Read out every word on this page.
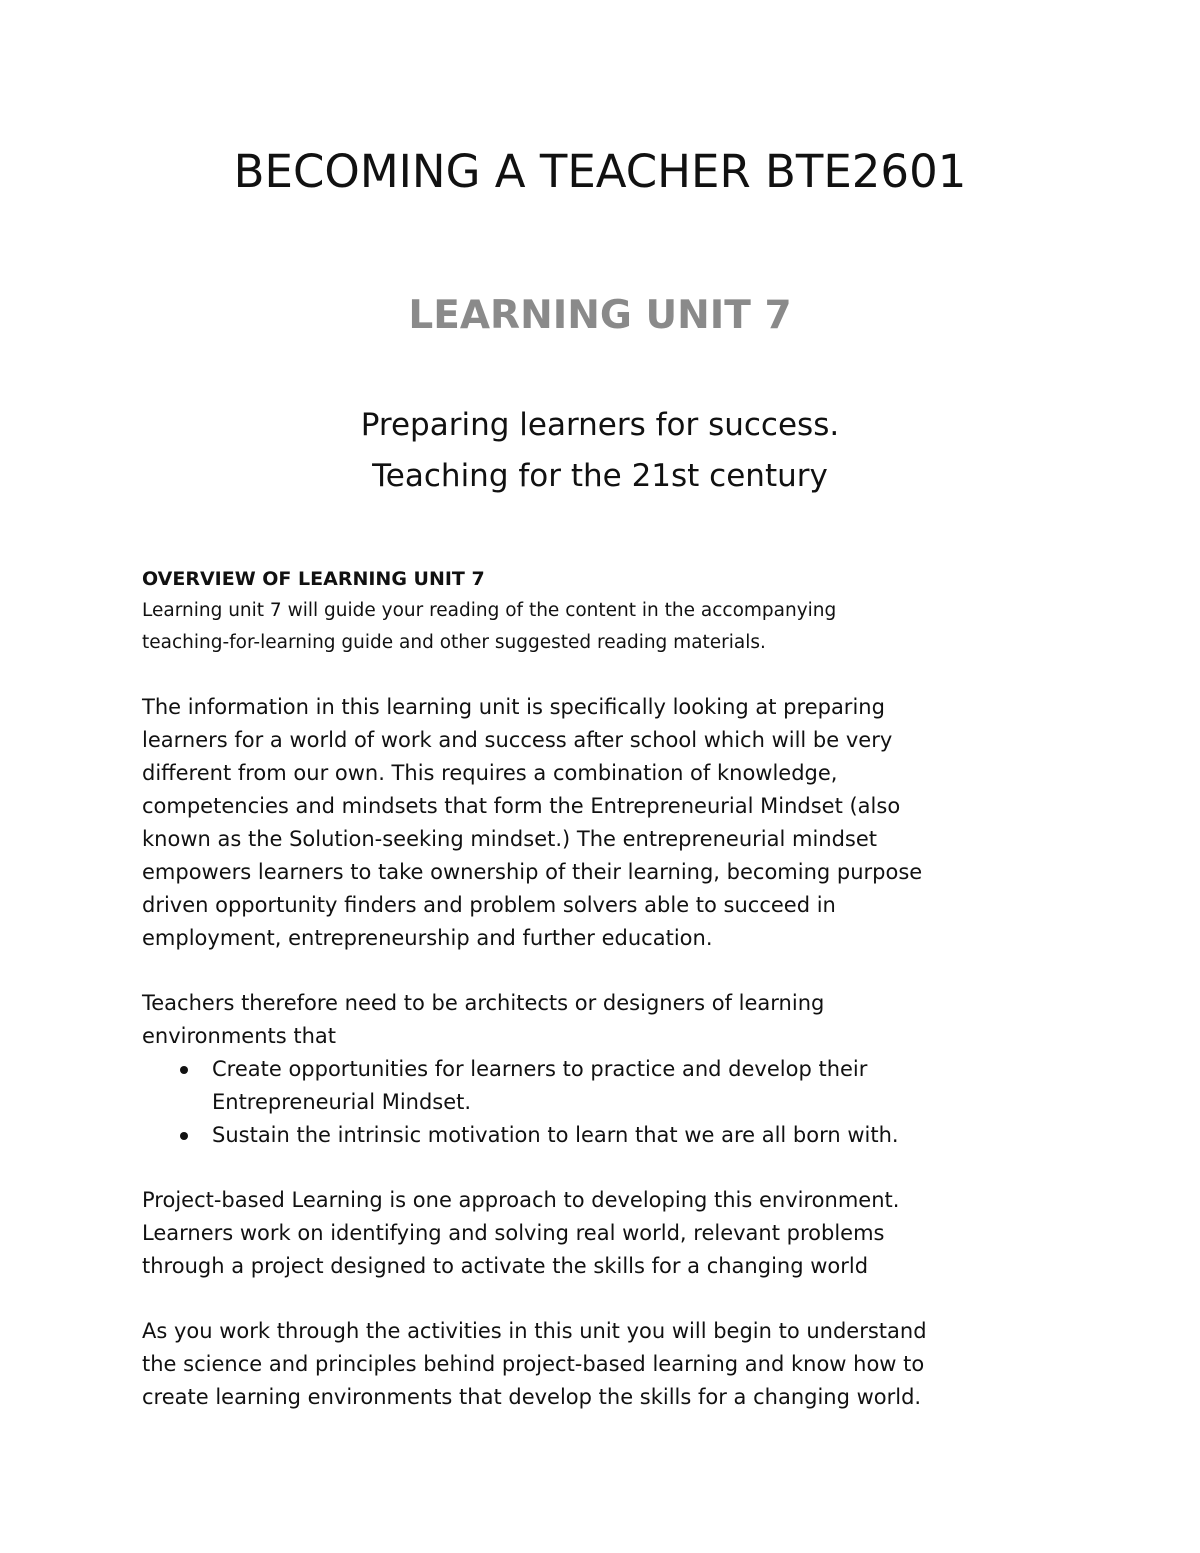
BECOMING A TEACHER BTE2601
LEARNING UNIT 7
Preparing learners for success.
Teaching for the 21st century

OVERVIEW OF LEARNING UNIT 7

Learning unit 7 will guide your reading of the content in the accompanying
teaching-for-learning guide and other suggested reading materials.

The information in this learning unit is specifically looking at preparing
learners for a world of work and success after school which will be very
different from our own. This requires a combination of knowledge,
competencies and mindsets that form the Entrepreneurial Mindset (also
known as the Solution-seeking mindset.) The entrepreneurial mindset
empowers learners to take ownership of their learning, becoming purpose
driven opportunity finders and problem solvers able to succeed in
employment, entrepreneurship and further education.

Teachers therefore need to be architects or designers of learning
environments that

Create opportunities for learners to practice and develop their
Entrepreneurial Mindset.
Sustain the intrinsic motivation to learn that we are all born with.

Project-based Learning is one approach to developing this environment.
Learners work on identifying and solving real world, relevant problems
through a project designed to activate the skills for a changing world

As you work through the activities in this unit you will begin to understand
the science and principles behind project-based learning and know how to
create learning environments that develop the skills for a changing world.
